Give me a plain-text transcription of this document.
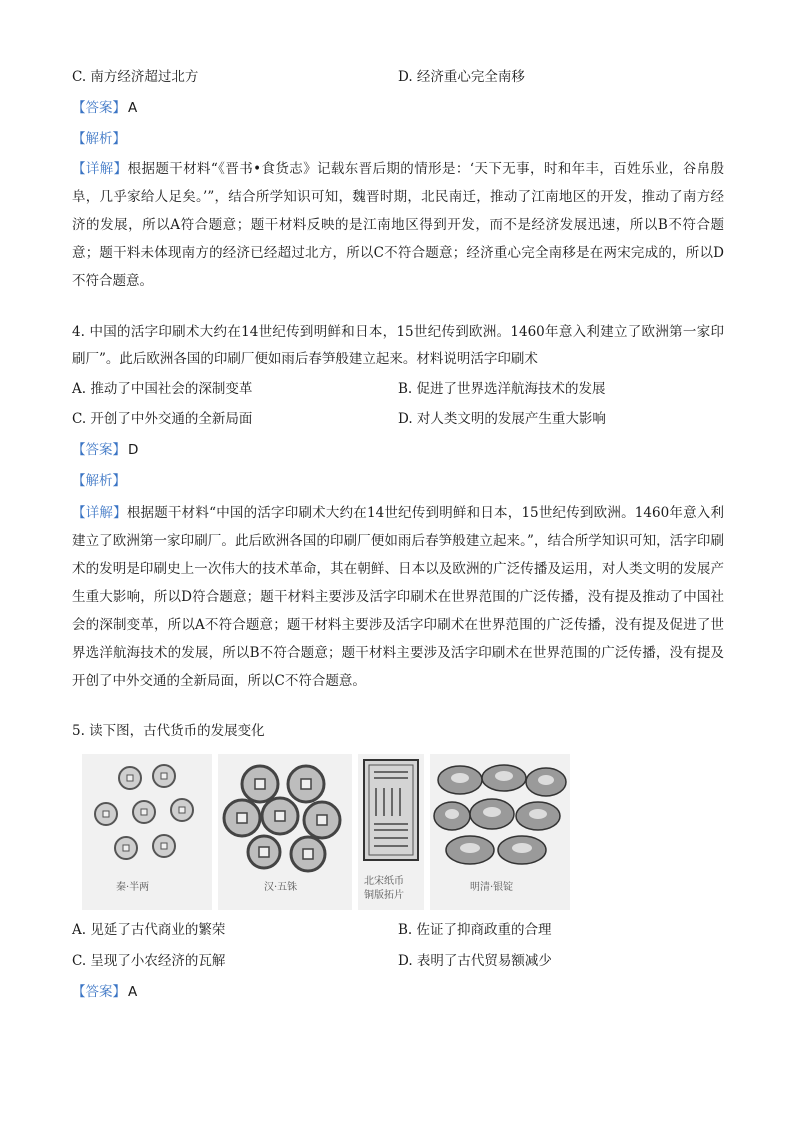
C. 南方经济超过北方	D. 经济重心完全南移
【答案】 A
【解析】
【详解】根据题干材料“《晋书•食货志》记载东晋后期的情形是：‘天下无事，时和年丰，百姓乐业，谷帛殷阜，几乎家给人足矣。’”，结合所学知识可知，魏晋时期，北民南迁，推动了江南地区的开发，推动了南方经济的发展，所以A符合题意；题干材料反映的是江南地区得到开发，而不是经济发展迅速，所以B不符合题意；题干料未体现南方的经济已经超过北方，所以C不符合题意；经济重心完全南移是在两宋完成的，所以D不符合题意。
4. 中国的活字印刷术大约在14世纪传到明鲜和日本，15世纪传到欧洲。1460年意入利建立了欧洲第一家印刷厂”。此后欧洲各国的印刷厂便如雨后春笋般建立起来。材料说明活字印刷术
A. 推动了中国社会的深制变革	B. 促进了世界选洋航海技术的发展
C. 开创了中外交通的全新局面	D. 对人类文明的发展产生重大影响
【答案】 D
【解析】
【详解】根据题干材料“中国的活字印刷术大约在14世纪传到明鲜和日本，15世纪传到欧洲。1460年意入利建立了欧洲第一家印刷厂。此后欧洲各国的印刷厂便如雨后春笋般建立起来。”，结合所学知识可知，活字印刷术的发明是印刷史上一次伟大的技术革命，其在朝鲜、日本以及欧洲的广泛传播及运用，对人类文明的发展产生重大影响，所以D符合题意；题干材料主要涉及活字印刷术在世界范围的广泛传播，没有提及推动了中国社会的深制变革，所以A不符合题意；题干材料主要涉及活字印刷术在世界范围的广泛传播，没有提及促进了世界选洋航海技术的发展，所以B不符合题意；题干材料主要涉及活字印刷术在世界范围的广泛传播，没有提及开创了中外交通的全新局面，所以C不符合题意。
5. 读下图，古代货币的发展变化
秦·半两	汉·五铢
北宋纸币
铜版拓片
明清·银锭
A. 见延了古代商业的繁荣	B. 佐证了抑商政重的合理
C. 呈现了小农经济的瓦解	D. 表明了古代贸易额减少
【答案】 A
